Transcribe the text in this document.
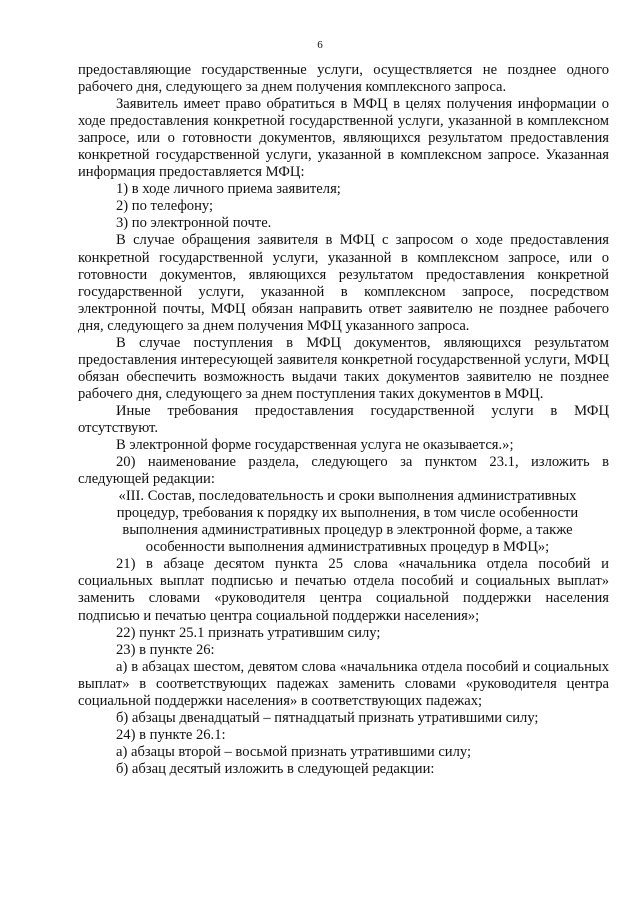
6

предоставляющие государственные услуги, осуществляется не позднее одного рабочего дня, следующего за днем получения комплексного запроса.

Заявитель имеет право обратиться в МФЦ в целях получения информации о ходе предоставления конкретной государственной услуги, указанной в комплексном запросе, или о готовности документов, являющихся результатом предоставления конкретной государственной услуги, указанной в комплексном запросе. Указанная информация предоставляется МФЦ:

1) в ходе личного приема заявителя;

2) по телефону;

3) по электронной почте.

В случае обращения заявителя в МФЦ с запросом о ходе предоставления конкретной государственной услуги, указанной в комплексном запросе, или о готовности документов, являющихся результатом предоставления конкретной государственной услуги, указанной в комплексном запросе, посредством электронной почты, МФЦ обязан направить ответ заявителю не позднее рабочего дня, следующего за днем получения МФЦ указанного запроса.

В случае поступления в МФЦ документов, являющихся результатом предоставления интересующей заявителя конкретной государственной услуги, МФЦ обязан обеспечить возможность выдачи таких документов заявителю не позднее рабочего дня, следующего за днем поступления таких документов в МФЦ.

Иные требования предоставления государственной услуги в МФЦ отсутствуют.

В электронной форме государственная услуга не оказывается.»;

20) наименование раздела, следующего за пунктом 23.1, изложить в следующей редакции:

«III. Состав, последовательность и сроки выполнения административных процедур, требования к порядку их выполнения, в том числе особенности выполнения административных процедур в электронной форме, а также особенности выполнения административных процедур в МФЦ»;

21) в абзаце десятом пункта 25 слова «начальника отдела пособий и социальных выплат подписью и печатью отдела пособий и социальных выплат» заменить словами «руководителя центра социальной поддержки населения подписью и печатью центра социальной поддержки населения»;

22) пункт 25.1 признать утратившим силу;

23) в пункте 26:

а) в абзацах шестом, девятом слова «начальника отдела пособий и социальных выплат» в соответствующих падежах заменить словами «руководителя центра социальной поддержки населения» в соответствующих падежах;

б) абзацы двенадцатый – пятнадцатый признать утратившими силу;

24) в пункте 26.1:

а) абзацы второй – восьмой признать утратившими силу;

б) абзац десятый изложить в следующей редакции:
